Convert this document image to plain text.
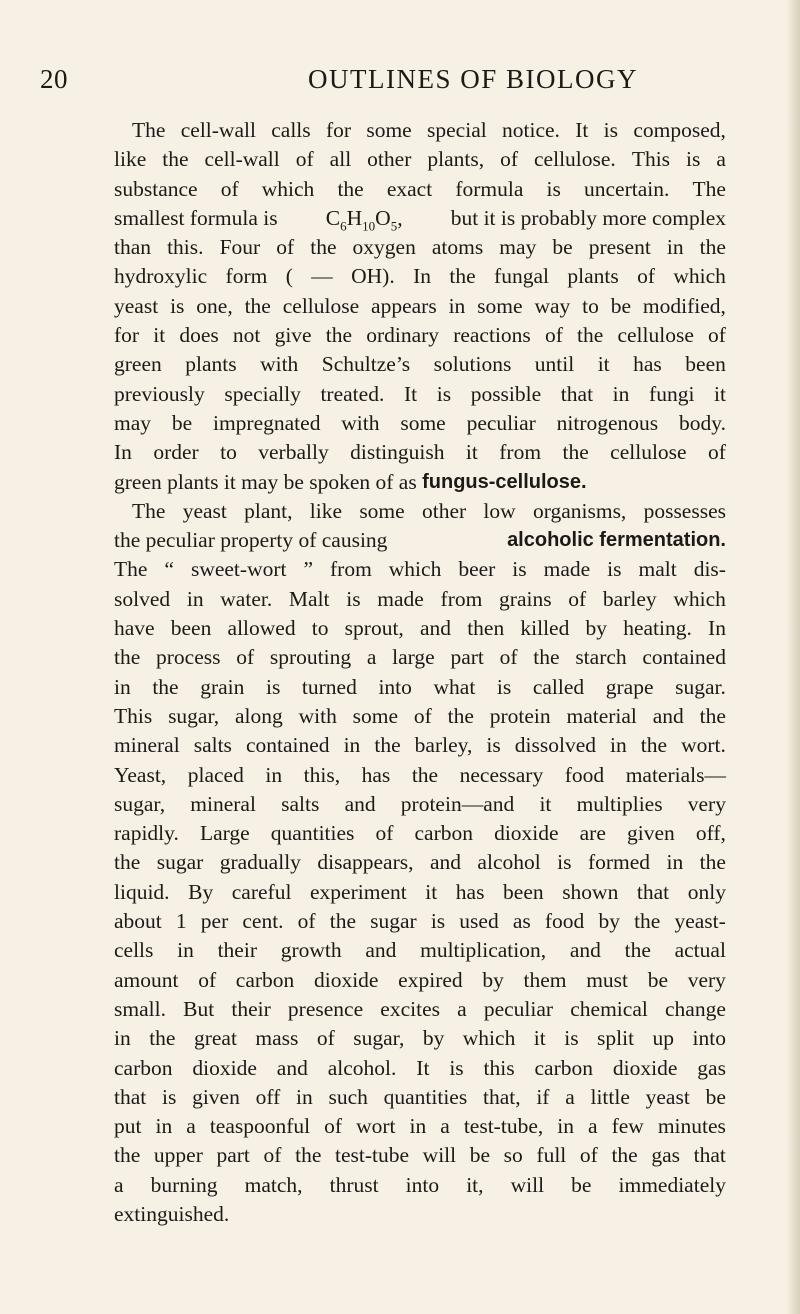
20	OUTLINES OF BIOLOGY
The cell-wall calls for some special notice. It is composed,
like the cell-wall of all other plants, of cellulose. This is a
substance of which the exact formula is uncertain. The
smallest formula is $C_6H_{10}O_5$, but it is probably more complex
than this. Four of the oxygen atoms may be present in the
hydroxylic form ( — OH). In the fungal plants of which
yeast is one, the cellulose appears in some way to be modified,
for it does not give the ordinary reactions of the cellulose of
green plants with Schultze’s solutions until it has been
previously specially treated. It is possible that in fungi it
may be impregnated with some peculiar nitrogenous body.
In order to verbally distinguish it from the cellulose of
green plants it may be spoken of as
fungus-cellulose.
The yeast plant, like some other low organisms, possesses
the peculiar property of causing	alcoholic fermentation.
The “ sweet-wort ” from which beer is made is malt dis-
solved in water. Malt is made from grains of barley which
have been allowed to sprout, and then killed by heating. In
the process of sprouting a large part of the starch contained
in the grain is turned into what is called grape sugar.
This sugar, along with some of the protein material and the
mineral salts contained in the barley, is dissolved in the wort.
Yeast, placed in this, has the necessary food materials—
sugar, mineral salts and protein—and it multiplies very
rapidly. Large quantities of carbon dioxide are given off,
the sugar gradually disappears, and alcohol is formed in the
liquid. By careful experiment it has been shown that only
about 1 per cent. of the sugar is used as food by the yeast-
cells in their growth and multiplication, and the actual
amount of carbon dioxide expired by them must be very
small. But their presence excites a peculiar chemical change
in the great mass of sugar, by which it is split up into
carbon dioxide and alcohol. It is this carbon dioxide gas
that is given off in such quantities that, if a little yeast be
put in a teaspoonful of wort in a test-tube, in a few minutes
the upper part of the test-tube will be so full of the gas that
a burning match, thrust into it, will be immediately
extinguished.
